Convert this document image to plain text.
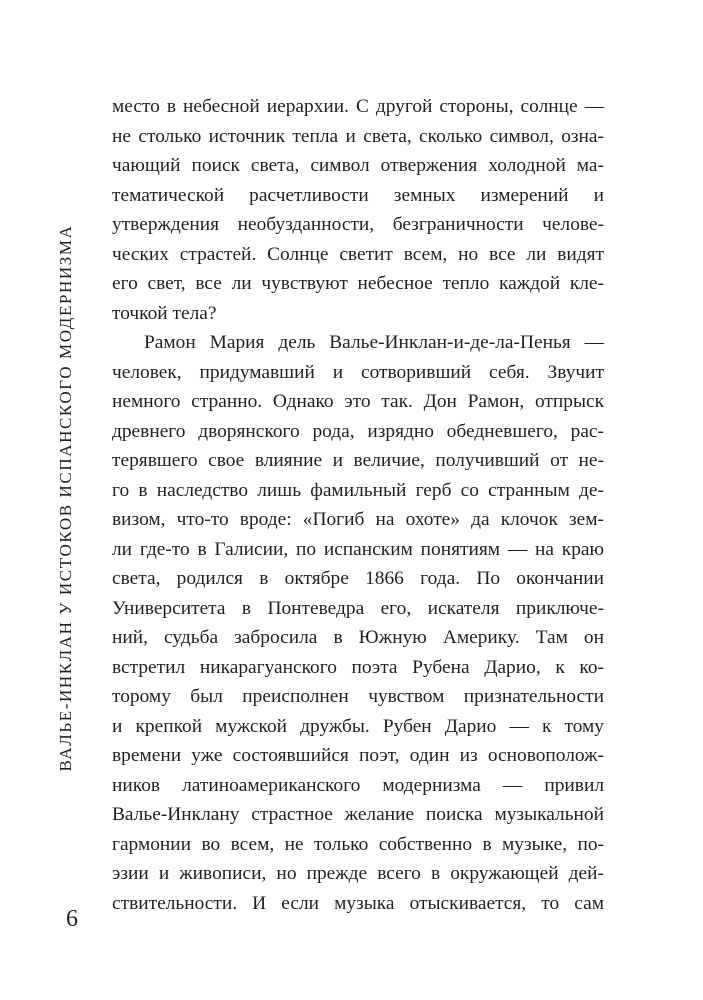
ВАЛЬЕ-ИНКЛАН У ИСТОКОВ ИСПАНСКОГО МОДЕРНИЗМА
место в небесной иерархии. С другой стороны, солнце —
не столько источник тепла и света, сколько символ, озна-
чающий поиск света, символ отвержения холодной ма-
тематической расчетливости земных измерений и
утверждения необузданности, безграничности челове-
ческих страстей. Солнце светит всем, но все ли видят
его свет, все ли чувствуют небесное тепло каждой кле-
точкой тела?
Рамон Мария дель Валье-Инклан-и-де-ла-Пенья —
человек, придумавший и сотворивший себя. Звучит
немного странно. Однако это так. Дон Рамон, отпрыск
древнего дворянского рода, изрядно обедневшего, рас-
терявшего свое влияние и величие, получивший от не-
го в наследство лишь фамильный герб со странным де-
визом, что-то вроде: «Погиб на охоте» да клочок зем-
ли где-то в Галисии, по испанским понятиям — на краю
света, родился в октябре 1866 года. По окончании
Университета в Понтеведра его, искателя приключе-
ний, судьба забросила в Южную Америку. Там он
встретил никарагуанского поэта Рубена Дарио, к ко-
торому был преисполнен чувством признательности
и крепкой мужской дружбы. Рубен Дарио — к тому
времени уже состоявшийся поэт, один из основополож-
ников латиноамериканского модернизма — привил
Валье-Инклану страстное желание поиска музыкальной
гармонии во всем, не только собственно в музыке, по-
эзии и живописи, но прежде всего в окружающей дей-
ствительности. И если музыка отыскивается, то сам
6
